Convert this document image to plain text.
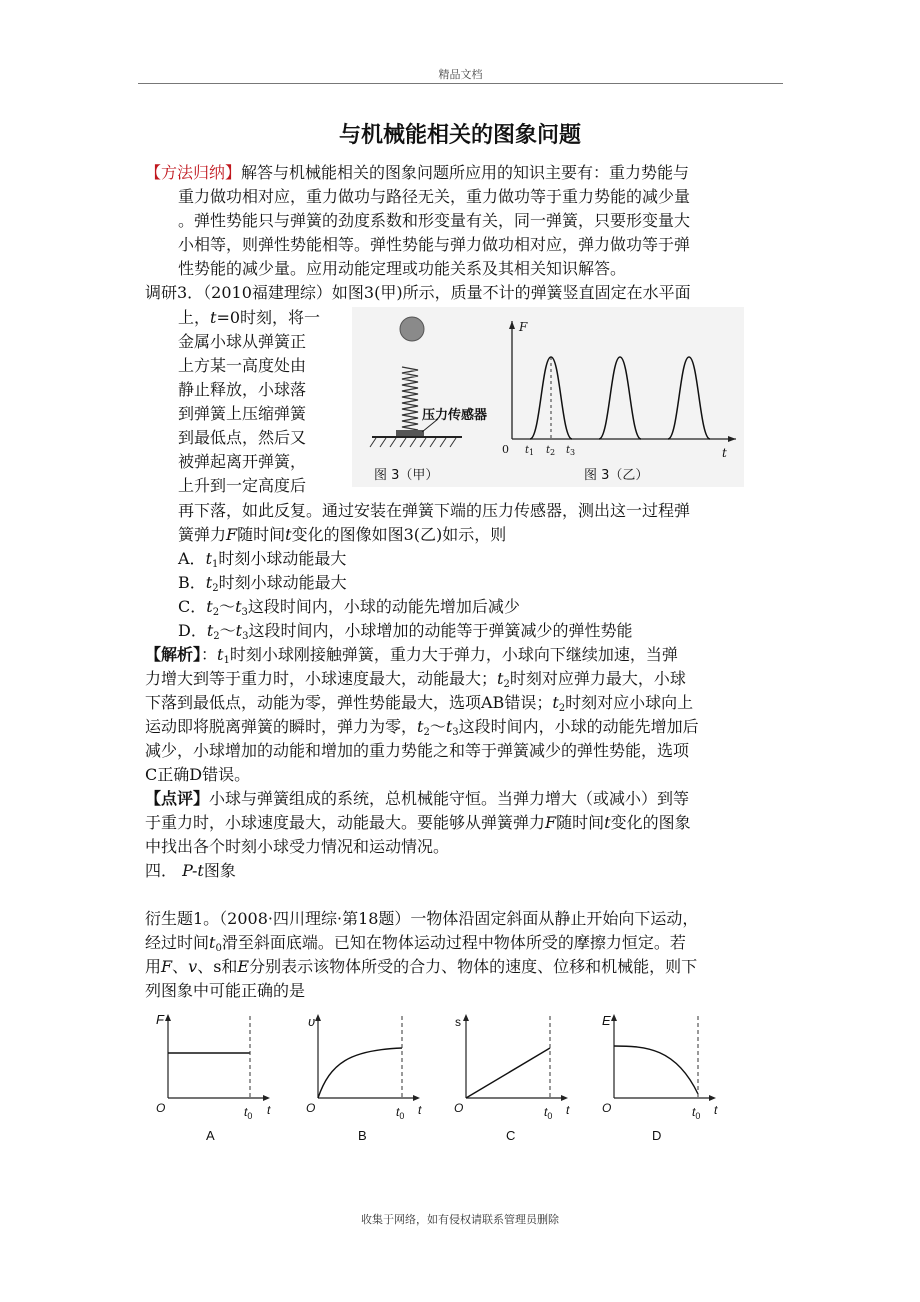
精品文档
与机械能相关的图象问题
【方法归纳】解答与机械能相关的图象问题所应用的知识主要有：重力势能与
重力做功相对应，重力做功与路径无关，重力做功等于重力势能的减少量
。弹性势能只与弹簧的劲度系数和形变量有关，同一弹簧，只要形变量大
小相等，则弹性势能相等。弹性势能与弹力做功相对应，弹力做功等于弹
性势能的减少量。应用动能定理或功能关系及其相关知识解答。
调研3．（2010福建理综）如图3(甲)所示，质量不计的弹簧竖直固定在水平面
上，t=0时刻，将一
金属小球从弹簧正
上方某一高度处由
静止释放，小球落
到弹簧上压缩弹簧
到最低点，然后又
被弹起离开弹簧，
上升到一定高度后
压力传感器
图 3（甲）
F
t
0 $t_1$ $t_2$ $t_3$
图 3（乙）
再下落，如此反复。通过安装在弹簧下端的压力传感器，测出这一过程弹
簧弹力F随时间t变化的图像如图3(乙)如示，则
A．$t_1$时刻小球动能最大
B．$t_2$时刻小球动能最大
C．$t_2\sim t_3$这段时间内，小球的动能先增加后减少
D．$t_2\sim t_3$这段时间内，小球增加的动能等于弹簧减少的弹性势能
【解析】：$t_1$时刻小球刚接触弹簧，重力大于弹力，小球向下继续加速，当弹
力增大到等于重力时，小球速度最大，动能最大；$t_2$时刻对应弹力最大，小球
下落到最低点，动能为零，弹性势能最大，选项AB错误；$t_2$时刻对应小球向上
运动即将脱离弹簧的瞬时，弹力为零，$t_2\sim t_3$这段时间内，小球的动能先增加后
减少，小球增加的动能和增加的重力势能之和等于弹簧减少的弹性势能，选项
C正确D错误。
【点评】小球与弹簧组成的系统，总机械能守恒。当弹力增大（或减小）到等
于重力时，小球速度最大，动能最大。要能够从弹簧弹力F随时间t变化的图象
中找出各个时刻小球受力情况和运动情况。
四． P-t图象
衍生题1。（2008·四川理综·第18题）一物体沿固定斜面从静止开始向下运动，
经过时间$t_0$滑至斜面底端。已知在物体运动过程中物体所受的摩擦力恒定。若
用F、v、s和E分别表示该物体所受的合力、物体的速度、位移和机械能，则下
列图象中可能正确的是
F
O	$t_0$ t
A
υ
O	$t_0$ t
B
s
O	$t_0$ t
C
E
O	$t_0$ t
D
收集于网络，如有侵权请联系管理员删除
